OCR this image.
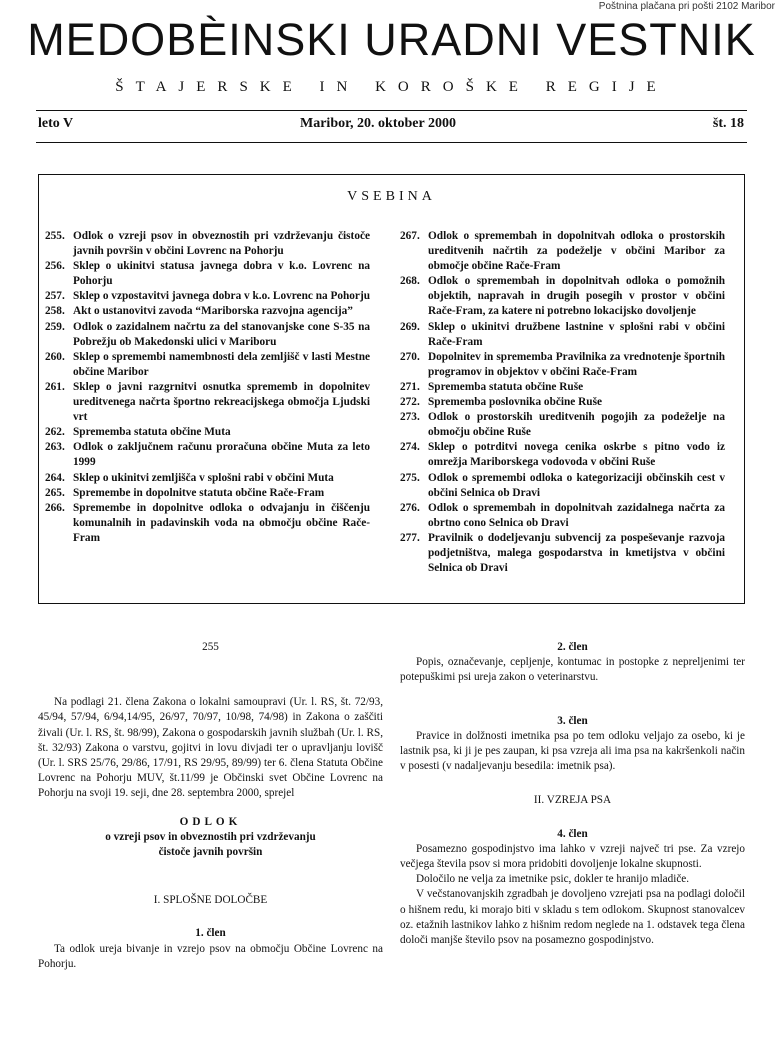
Poštnina plačana pri pošti 2102 Maribor
MEDOBÈINSKI URADNI VESTNIK
ŠTAJERSKE IN KOROŠKE REGIJE
leto V	Maribor, 20. oktober 2000	št. 18
VSEBINA
255. Odlok o vzreji psov in obveznostih pri vzdrževanju čistoče javnih površin v občini Lovrenc na Pohorju
256. Sklep o ukinitvi statusa javnega dobra v k.o. Lovrenc na Pohorju
257. Sklep o vzpostavitvi javnega dobra v k.o. Lovrenc na Pohorju
258. Akt o ustanovitvi zavoda “Mariborska razvojna agencija”
259. Odlok o zazidalnem načrtu za del stanovanjske cone S-35 na Pobrežju ob Makedonski ulici v Mariboru
260. Sklep o spremembi namembnosti dela zemljišč v lasti Mestne občine Maribor
261. Sklep o javni razgrnitvi osnutka sprememb in dopolnitev ureditvenega načrta športno rekreacijskega območja Ljudski vrt
262. Sprememba statuta občine Muta
263. Odlok o zaključnem računu proračuna občine Muta za leto 1999
264. Sklep o ukinitvi zemljišča v splošni rabi v občini Muta
265. Spremembe in dopolnitve statuta občine Rače-Fram
266. Spremembe in dopolnitve odloka o odvajanju in čiščenju komunalnih in padavinskih voda na območju občine Rače-Fram
267. Odlok o spremembah in dopolnitvah odloka o prostorskih ureditvenih načrtih za podeželje v občini Maribor za območje občine Rače-Fram
268. Odlok o spremembah in dopolnitvah odloka o pomožnih objektih, napravah in drugih posegih v prostor v občini Rače-Fram, za katere ni potrebno lokacijsko dovoljenje
269. Sklep o ukinitvi družbene lastnine v splošni rabi v občini Rače-Fram
270. Dopolnitev in sprememba Pravilnika za vrednotenje športnih programov in objektov v občini Rače-Fram
271. Sprememba statuta občine Ruše
272. Sprememba poslovnika občine Ruše
273. Odlok o prostorskih ureditvenih pogojih za podeželje na območju občine Ruše
274. Sklep o potrditvi novega cenika oskrbe s pitno vodo iz omrežja Mariborskega vodovoda v občini Ruše
275. Odlok o spremembi odloka o kategorizaciji občinskih cest v občini Selnica ob Dravi
276. Odlok o spremembah in dopolnitvah zazidalnega načrta za obrtno cono Selnica ob Dravi
277. Pravilnik o dodeljevanju subvencij za pospeševanje razvoja podjetništva, malega gospodarstva in kmetijstva v občini Selnica ob Dravi

255

Na podlagi 21. člena Zakona o lokalni samoupravi (Ur. l. RS, št. 72/93, 45/94, 57/94, 6/94,14/95, 26/97, 70/97, 10/98, 74/98) in Zakona o zaščiti živali (Ur. l. RS, št. 98/99), Zakona o gospodarskih javnih službah (Ur. l. RS, št. 32/93) Zakona o varstvu, gojitvi in lovu divjadi ter o upravljanju lovišč (Ur. l. SRS 25/76, 29/86, 17/91, RS 29/95, 89/99) ter 6. člena Statuta Občine Lovrenc na Pohorju MUV, št.11/99 je Občinski svet Občine Lovrenc na Pohorju na svoji 19. seji, dne 28. septembra 2000, sprejel

ODLOK

o vzreji psov in obveznostih pri vzdrževanju

čistoče javnih površin

I. SPLOŠNE DOLOČBE

1. člen

Ta odlok ureja bivanje in vzrejo psov na območju Občine Lovrenc na Pohorju.

2. člen

Popis, označevanje, cepljenje, kontumac in postopke z nepreljenimi ter potepuškimi psi ureja zakon o veterinarstvu.

3. člen

Pravice in dolžnosti imetnika psa po tem odloku veljajo za osebo, ki je lastnik psa, ki ji je pes zaupan, ki psa vzreja ali ima psa na kakršenkoli način v posesti (v nadaljevanju besedila: imetnik psa).

II. VZREJA PSA

4. člen

Posamezno gospodinjstvo ima lahko v vzreji največ tri pse. Za vzrejo večjega števila psov si mora pridobiti dovoljenje lokalne skupnosti.

Določilo ne velja za imetnike psic, dokler te hranijo mladiče.

V večstanovanjskih zgradbah je dovoljeno vzrejati psa na podlagi določil o hišnem redu, ki morajo biti v skladu s tem odlokom. Skupnost stanovalcev oz. etažnih lastnikov lahko z hišnim redom neglede na 1. odstavek tega člena določi manjše število psov na posamezno gospodinjstvo.
